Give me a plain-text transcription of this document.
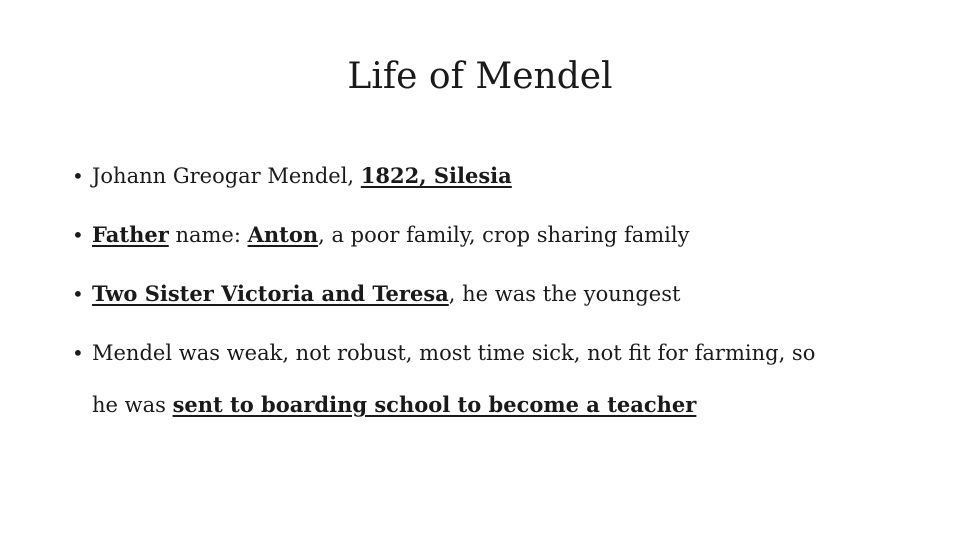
Life of Mendel
• Johann Greogar Mendel, 1822, Silesia
• Father name: Anton, a poor family, crop sharing family
• Two Sister Victoria and Teresa, he was the youngest
• Mendel was weak, not robust, most time sick, not fit for farming, so
he was sent to boarding school to become a teacher
